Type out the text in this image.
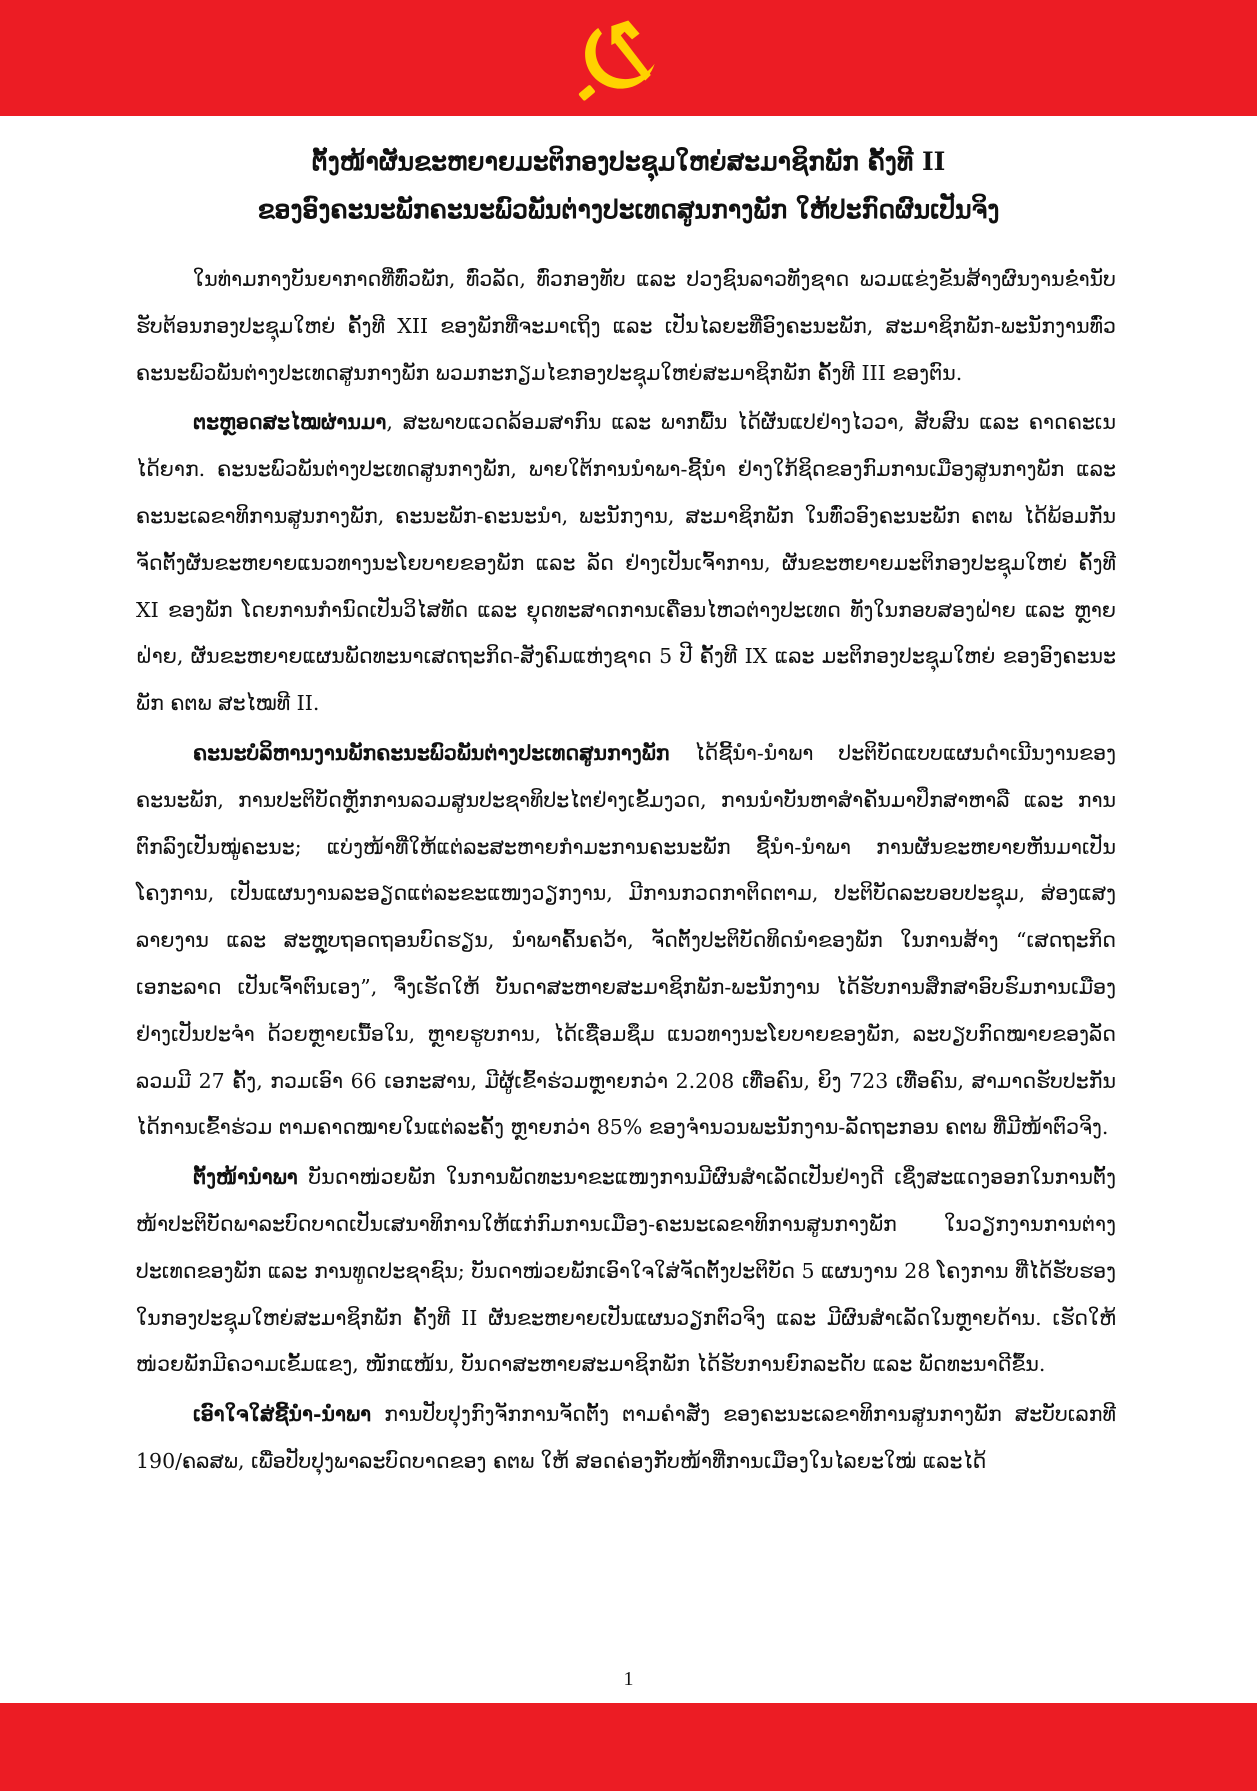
ຕັ້ງໜ້າຜັນຂະຫຍາຍມະຕິກອງປະຊຸມໃຫຍ່ສະມາຊິກພັກ ຄັ້ງທີ II
ຂອງອົງຄະນະພັກຄະນະພົວພັນຕ່າງປະເທດສູນກາງພັກ ໃຫ້ປະກົດຜົນເປັນຈິງ

ໃນທ່າມກາງບັນຍາກາດທີ່ທົ່ວພັກ, ທົ່ວລັດ, ທົ່ວກອງທັບ ແລະ ປວງຊົນລາວທັງຊາດ ພວມແຂ່ງຂັນສ້າງຜົນງານຂ່ຳນັບຮັບຕ້ອນກອງປະຊຸມໃຫຍ່ ຄັ້ງທີ XII ຂອງພັກທີ່ຈະມາເຖິງ ແລະ ເປັນໄລຍະທີ່ອົງຄະນະພັກ, ສະມາຊິກພັກ-ພະນັກງານທົ່ວ ຄະນະພົວພັນຕ່າງປະເທດສູນກາງພັກ ພວມກະກຽມໄຂກອງປະຊຸມໃຫຍ່ສະມາຊິກພັກ ຄັ້ງທີ III ຂອງຕົນ.

ຕະຫຼອດສະໄໝຜ່ານມາ, ສະພາບແວດລ້ອມສາກົນ ແລະ ພາກພື້ນ ໄດ້ຜັນແປຢ່າງໄວວາ, ສັບສົນ ແລະ ຄາດຄະເນໄດ້ຍາກ. ຄະນະພົວພັນຕ່າງປະເທດສູນກາງພັກ, ພາຍໃຕ້ການນຳພາ-ຊີ້ນຳ ຢ່າງໃກ້ຊິດຂອງກົມການເມືອງສູນກາງພັກ ແລະ ຄະນະເລຂາທິການສູນກາງພັກ, ຄະນະພັກ-ຄະນະນຳ, ພະນັກງານ, ສະມາຊິກພັກ ໃນທົ່ວອົງຄະນະພັກ ຄຕພ ໄດ້ພ້ອມກັນຈັດຕັ້ງຜັນຂະຫຍາຍແນວທາງນະໂຍບາຍຂອງພັກ ແລະ ລັດ ຢ່າງເປັນເຈົ້າການ, ຜັນຂະຫຍາຍມະຕິກອງປະຊຸມໃຫຍ່ ຄັ້ງທີ XI ຂອງພັກ ໂດຍການກຳນົດເປັນວິໄສທັດ ແລະ ຍຸດທະສາດການເຄື່ອນໄຫວຕ່າງປະເທດ ທັງໃນກອບສອງຝ່າຍ ແລະ ຫຼາຍຝ່າຍ, ຜັນຂະຫຍາຍແຜນພັດທະນາເສດຖະກິດ-ສັງຄົມແຫ່ງຊາດ 5 ປີ ຄັ້ງທີ IX ແລະ ມະຕິກອງປະຊຸມໃຫຍ່ ຂອງອົງຄະນະພັກ ຄຕພ ສະໄໝທີ II.

ຄະນະບໍລິຫານງານພັກຄະນະພົວພັນຕ່າງປະເທດສູນກາງພັກ ໄດ້ຊີ້ນຳ-ນຳພາ ປະຕິບັດແບບແຜນດຳເນີນງານຂອງຄະນະພັກ, ການປະຕິບັດຫຼັກການລວມສູນປະຊາທິປະໄຕຢ່າງເຂັ້ມງວດ, ການນຳບັນຫາສຳຄັນມາປຶກສາຫາລື ແລະ ການຕົກລົງເປັນໝູ່ຄະນະ; ແບ່ງໜ້າທີ່ໃຫ້ແຕ່ລະສະຫາຍກຳມະການຄະນະພັກ ຊີ້ນຳ-ນຳພາ ການຜັນຂະຫຍາຍຫັນມາເປັນໂຄງການ, ເປັນແຜນງານລະອຽດແຕ່ລະຂະແໜງວຽກງານ, ມີການກວດກາຕິດຕາມ, ປະຕິບັດລະບອບປະຊຸມ, ສ່ອງແສງລາຍງານ ແລະ ສະຫຼຸບຖອດຖອນບົດຮຽນ, ນຳພາຄົ້ນຄວ້າ, ຈັດຕັ້ງປະຕິບັດທິດນຳຂອງພັກ ໃນການສ້າງ “ເສດຖະກິດ ເອກະລາດ ເປັນເຈົ້າຕົນເອງ”, ຈຶ່ງເຮັດໃຫ້ ບັນດາສະຫາຍສະມາຊິກພັກ-ພະນັກງານ ໄດ້ຮັບການສຶກສາອົບຮົມການເມືອງ ຢ່າງເປັນປະຈຳ ດ້ວຍຫຼາຍເນື້ອໃນ, ຫຼາຍຮູບການ, ໄດ້ເຊື່ອມຊຶມ ແນວທາງນະໂຍບາຍຂອງພັກ, ລະບຽບກົດໝາຍຂອງລັດ ລວມມີ 27 ຄັ້ງ, ກວມເອົາ 66 ເອກະສານ, ມີຜູ້ເຂົ້າຮ່ວມຫຼາຍກວ່າ 2.208 ເທື່ອຄົນ, ຍິງ 723 ເທື່ອຄົນ, ສາມາດຮັບປະກັນໄດ້ການເຂົ້າຮ່ວມ ຕາມຄາດໝາຍໃນແຕ່ລະຄັ້ງ ຫຼາຍກວ່າ 85% ຂອງຈຳນວນພະນັກງານ-ລັດຖະກອນ ຄຕພ ທີ່ມີໜ້າຕົວຈິງ.

ຕັ້ງໜ້ານຳພາ ບັນດາໜ່ວຍພັກ ໃນການພັດທະນາຂະແໜງການມີຜົນສຳເລັດເປັນຢ່າງດີ ເຊິ່ງສະແດງອອກໃນການຕັ້ງໜ້າປະຕິບັດພາລະບົດບາດເປັນເສນາທິການໃຫ້ແກ່ກົມການເມືອງ-ຄະນະເລຂາທິການສູນກາງພັກ ໃນວຽກງານການຕ່າງປະເທດຂອງພັກ ແລະ ການທູດປະຊາຊົນ; ບັນດາໜ່ວຍພັກເອົາໃຈໃສ່ຈັດຕັ້ງປະຕິບັດ 5 ແຜນງານ 28 ໂຄງການ ທີ່ໄດ້ຮັບຮອງໃນກອງປະຊຸມໃຫຍ່ສະມາຊິກພັກ ຄັ້ງທີ II ຜັນຂະຫຍາຍເປັນແຜນວຽກຕົວຈິງ ແລະ ມີຜົນສຳເລັດໃນຫຼາຍດ້ານ. ເຮັດໃຫ້ໜ່ວຍພັກມີຄວາມເຂັ້ມແຂງ, ໜັກແໜ້ນ, ບັນດາສະຫາຍສະມາຊິກພັກ ໄດ້ຮັບການຍົກລະດັບ ແລະ ພັດທະນາດີຂຶ້ນ.

ເອົາໃຈໃສ່ຊີ້ນຳ-ນຳພາ ການປັບປຸງກົງຈັກການຈັດຕັ້ງ ຕາມຄຳສັ່ງ ຂອງຄະນະເລຂາທິການສູນກາງພັກ ສະບັບເລກທີ 190/ຄລສພ, ເພື່ອປັບປຸງພາລະບົດບາດຂອງ ຄຕພ ໃຫ້ ສອດຄ່ອງກັບໜ້າທີ່ການເມືອງໃນໄລຍະໃໝ່ ແລະໄດ້

1
